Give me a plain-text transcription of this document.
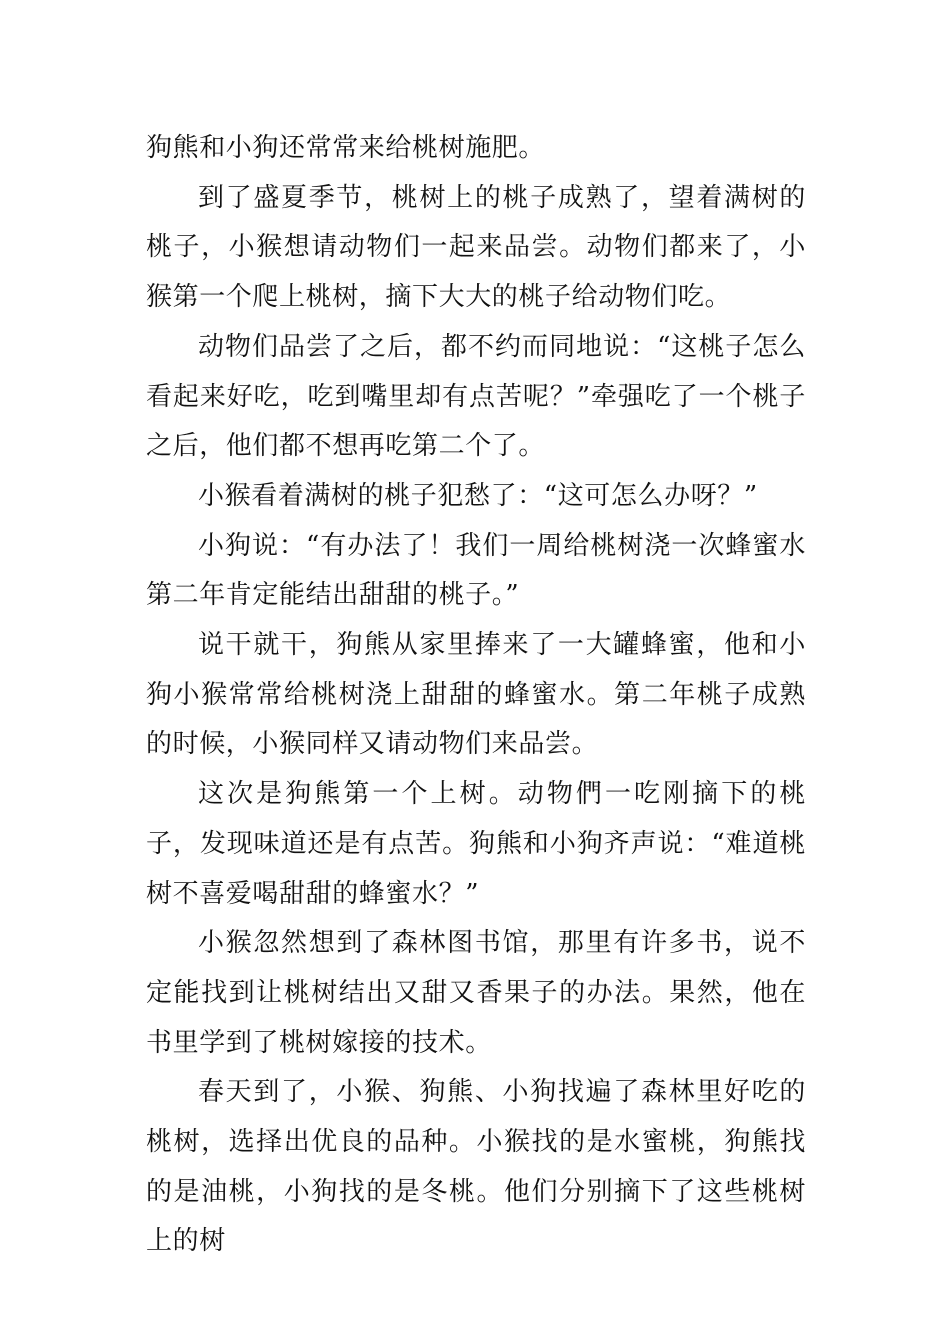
狗熊和小狗还常常来给桃树施肥。

到了盛夏季节，桃树上的桃子成熟了，望着满树的桃子，小猴想请动物们一起来品尝。动物们都来了，小猴第一个爬上桃树，摘下大大的桃子给动物们吃。

动物们品尝了之后，都不约而同地说：“这桃子怎么看起来好吃，吃到嘴里却有点苦呢？”牵强吃了一个桃子之后，他们都不想再吃第二个了。

小猴看着满树的桃子犯愁了：“这可怎么办呀？”

小狗说：“有办法了！我们一周给桃树浇一次蜂蜜水第二年肯定能结出甜甜的桃子。”

说干就干，狗熊从家里捧来了一大罐蜂蜜，他和小狗小猴常常给桃树浇上甜甜的蜂蜜水。第二年桃子成熟的时候，小猴同样又请动物们来品尝。

这次是狗熊第一个上树。动物們一吃刚摘下的桃子，发现味道还是有点苦。狗熊和小狗齐声说：“难道桃树不喜爱喝甜甜的蜂蜜水？”

小猴忽然想到了森林图书馆，那里有许多书，说不定能找到让桃树结出又甜又香果子的办法。果然，他在书里学到了桃树嫁接的技术。

春天到了，小猴、狗熊、小狗找遍了森林里好吃的桃树，选择出优良的品种。小猴找的是水蜜桃，狗熊找的是油桃，小狗找的是冬桃。他们分别摘下了这些桃树上的树
